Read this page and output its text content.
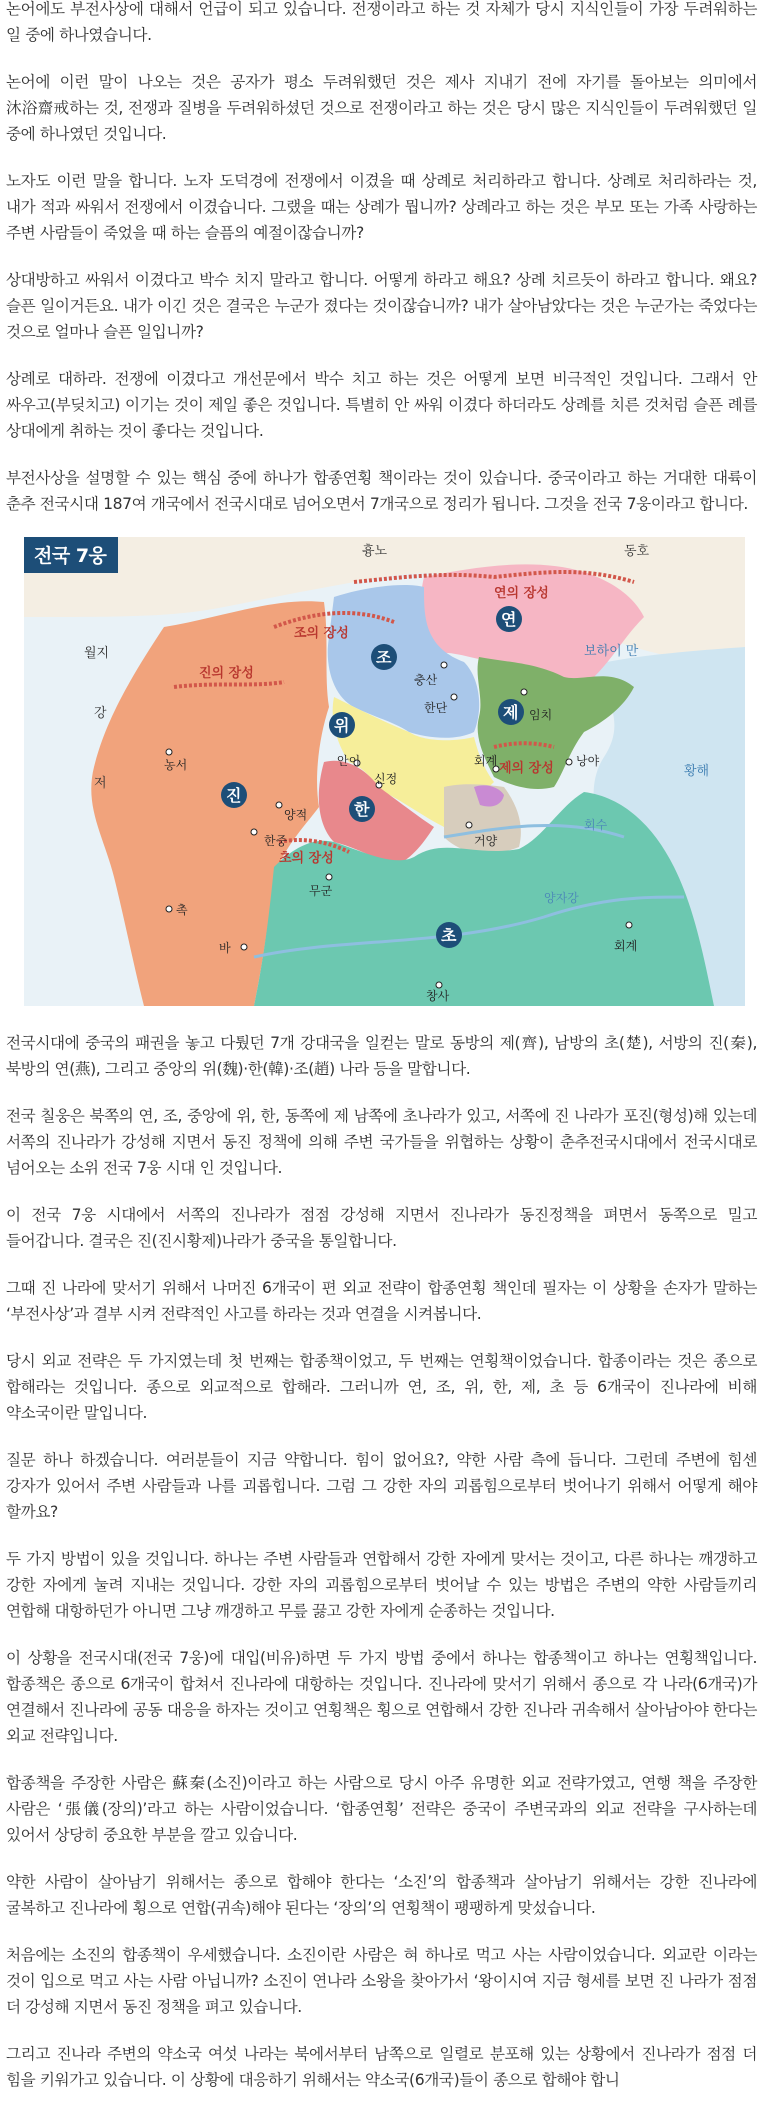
논어에도 부전사상에 대해서 언급이 되고 있습니다. 전쟁이라고 하는 것 자체가 당시 지식인들이 가장 두려워하는 일 중에 하나였습니다.

논어에 이런 말이 나오는 것은 공자가 평소 두려워했던 것은 제사 지내기 전에 자기를 돌아보는 의미에서 沐浴齋戒하는 것, 전쟁과 질병을 두려워하셨던 것으로 전쟁이라고 하는 것은 당시 많은 지식인들이 두려워했던 일 중에 하나였던 것입니다.

노자도 이런 말을 합니다. 노자 도덕경에 전쟁에서 이겼을 때 상례로 처리하라고 합니다. 상례로 처리하라는 것, 내가 적과 싸워서 전쟁에서 이겼습니다. 그랬을 때는 상례가 뭡니까? 상례라고 하는 것은 부모 또는 가족 사랑하는 주변 사람들이 죽었을 때 하는 슬픔의 예절이잖습니까?

상대방하고 싸워서 이겼다고 박수 치지 말라고 합니다. 어떻게 하라고 해요? 상례 치르듯이 하라고 합니다. 왜요? 슬픈 일이거든요. 내가 이긴 것은 결국은 누군가 졌다는 것이잖습니까? 내가 살아남았다는 것은 누군가는 죽었다는 것으로 얼마나 슬픈 일입니까?

상례로 대하라. 전쟁에 이겼다고 개선문에서 박수 치고 하는 것은 어떻게 보면 비극적인 것입니다. 그래서 안 싸우고(부딪치고) 이기는 것이 제일 좋은 것입니다. 특별히 안 싸워 이겼다 하더라도 상례를 치른 것처럼 슬픈 례를 상대에게 취하는 것이 좋다는 것입니다.

부전사상을 설명할 수 있는 핵심 중에 하나가 합종연횡 책이라는 것이 있습니다. 중국이라고 하는 거대한 대륙이 춘추 전국시대 187여 개국에서 전국시대로 넘어오면서 7개국으로 정리가 됩니다. 그것을 전국 7웅이라고 합니다.

흉노	동호
월지	보하이 만
황해
강
저
연의 장성
조의 장성
진의 장성
제의 장성
초의 장성
연
조
제
위
한
진
초
충산
한단	임치
안이
농서	회계	낭야
신정
양적
한중	거양
무군
촉
바	회계
창사
회수
양자강
전국 7웅

전국시대에 중국의 패권을 놓고 다퉜던 7개 강대국을 일컫는 말로 동방의 제(齊), 남방의 초(楚), 서방의 진(秦), 북방의 연(燕), 그리고 중앙의 위(魏)·한(韓)·조(趙) 나라 등을 말합니다.

전국 칠웅은 북쪽의 연, 조, 중앙에 위, 한, 동쪽에 제 남쪽에 초나라가 있고, 서쪽에 진 나라가 포진(형성)해 있는데 서쪽의 진나라가 강성해 지면서 동진 정책에 의해 주변 국가들을 위협하는 상황이 춘추전국시대에서 전국시대로 넘어오는 소위 전국 7웅 시대 인 것입니다.

이 전국 7웅 시대에서 서쪽의 진나라가 점점 강성해 지면서 진나라가 동진정책을 펴면서 동쪽으로 밀고 들어갑니다. 결국은 진(진시황제)나라가 중국을 통일합니다.

그때 진 나라에 맞서기 위해서 나머진 6개국이 편 외교 전략이 합종연횡 책인데 필자는 이 상황을 손자가 말하는 ‘부전사상’과 결부 시켜 전략적인 사고를 하라는 것과 연결을 시켜봅니다.

당시 외교 전략은 두 가지였는데 첫 번째는 합종책이었고, 두 번째는 연횡책이었습니다. 합종이라는 것은 종으로 합해라는 것입니다. 종으로 외교적으로 합해라. 그러니까 연, 조, 위, 한, 제, 초 등 6개국이 진나라에 비해 약소국이란 말입니다.

질문 하나 하겠습니다. 여러분들이 지금 약합니다. 힘이 없어요?, 약한 사람 측에 듭니다. 그런데 주변에 힘센 강자가 있어서 주변 사람들과 나를 괴롭힙니다. 그럼 그 강한 자의 괴롭힘으로부터 벗어나기 위해서 어떻게 해야 할까요?

두 가지 방법이 있을 것입니다. 하나는 주변 사람들과 연합해서 강한 자에게 맞서는 것이고, 다른 하나는 깨갱하고 강한 자에게 눌려 지내는 것입니다. 강한 자의 괴롭힘으로부터 벗어날 수 있는 방법은 주변의 약한 사람들끼리 연합해 대항하던가 아니면 그냥 깨갱하고 무릎 끓고 강한 자에게 순종하는 것입니다.

이 상황을 전국시대(전국 7웅)에 대입(비유)하면 두 가지 방법 중에서 하나는 합종책이고 하나는 연횡책입니다. 합종책은 종으로 6개국이 합쳐서 진나라에 대항하는 것입니다. 진나라에 맞서기 위해서 종으로 각 나라(6개국)가 연결해서 진나라에 공동 대응을 하자는 것이고 연횡책은 횡으로 연합해서 강한 진나라 귀속해서 살아남아야 한다는 외교 전략입니다.

합종책을 주장한 사람은 蘇秦(소진)이라고 하는 사람으로 당시 아주 유명한 외교 전략가였고, 연행 책을 주장한 사람은 ‘張儀(장의)’라고 하는 사람이었습니다. ‘합종연횡’ 전략은 중국이 주변국과의 외교 전략을 구사하는데 있어서 상당히 중요한 부분을 깔고 있습니다.

약한 사람이 살아남기 위해서는 종으로 합해야 한다는 ‘소진’의 합종책과 살아남기 위해서는 강한 진나라에 굴복하고 진나라에 횡으로 연합(귀속)해야 된다는 ‘장의’의 연횡책이 팽팽하게 맞섰습니다.

처음에는 소진의 합종책이 우세했습니다. 소진이란 사람은 혀 하나로 먹고 사는 사람이었습니다. 외교란 이라는 것이 입으로 먹고 사는 사람 아닙니까? 소진이 연나라 소왕을 찾아가서 ‘왕이시여 지금 형세를 보면 진 나라가 점점 더 강성해 지면서 동진 정책을 펴고 있습니다.

그리고 진나라 주변의 약소국 여섯 나라는 북에서부터 남쪽으로 일렬로 분포해 있는 상황에서 진나라가 점점 더 힘을 키워가고 있습니다. 이 상황에 대응하기 위해서는 약소국(6개국)들이 종으로 합해야 합니
